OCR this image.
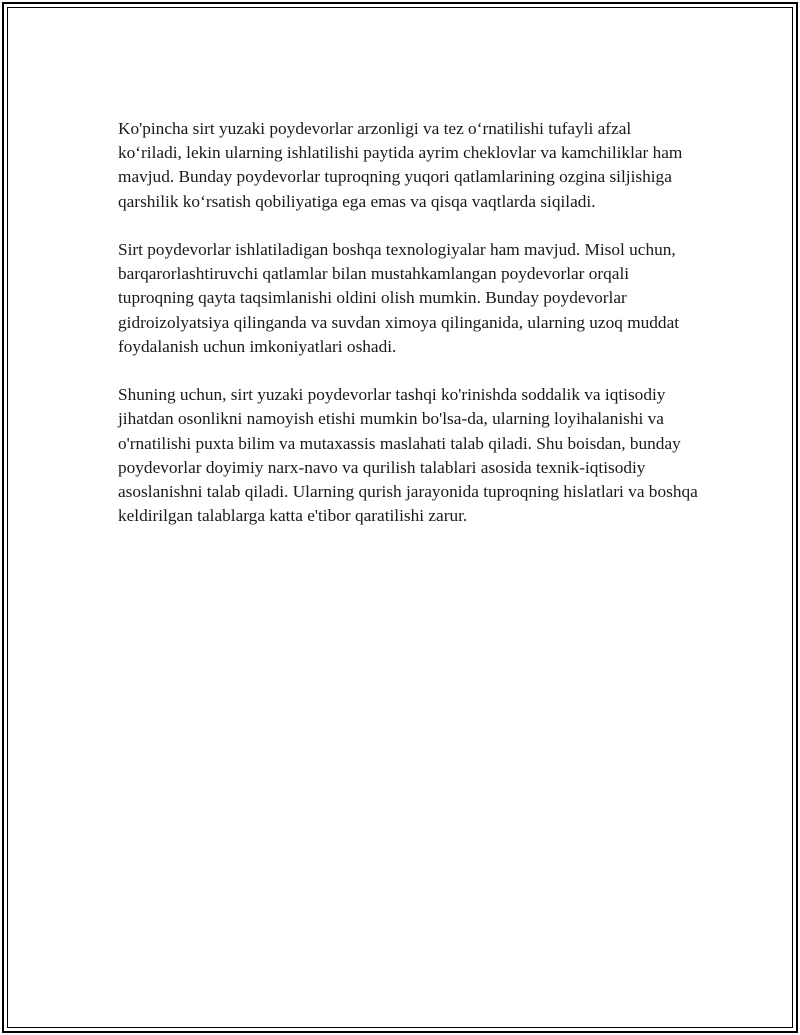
Ko'pincha sirt yuzaki poydevorlar arzonligi va tez oʻrnatilishi tufayli afzal koʻriladi, lekin ularning ishlatilishi paytida ayrim cheklovlar va kamchiliklar ham mavjud. Bunday poydevorlar tuproqning yuqori qatlamlarining ozgina siljishiga qarshilik koʻrsatish qobiliyatiga ega emas va qisqa vaqtlarda siqiladi.

Sirt poydevorlar ishlatiladigan boshqa texnologiyalar ham mavjud. Misol uchun, barqarorlashtiruvchi qatlamlar bilan mustahkamlangan poydevorlar orqali tuproqning qayta taqsimlanishi oldini olish mumkin. Bunday poydevorlar gidroizolyatsiya qilinganda va suvdan ximoya qilinganida, ularning uzoq muddat foydalanish uchun imkoniyatlari oshadi.

Shuning uchun, sirt yuzaki poydevorlar tashqi ko'rinishda soddalik va iqtisodiy jihatdan osonlikni namoyish etishi mumkin bo'lsa-da, ularning loyihalanishi va o'rnatilishi puxta bilim va mutaxassis maslahati talab qiladi. Shu boisdan, bunday poydevorlar doyimiy narx-navo va qurilish talablari asosida texnik-iqtisodiy asoslanishni talab qiladi. Ularning qurish jarayonida tuproqning hislatlari va boshqa keldirilgan talablarga katta e'tibor qaratilishi zarur.
